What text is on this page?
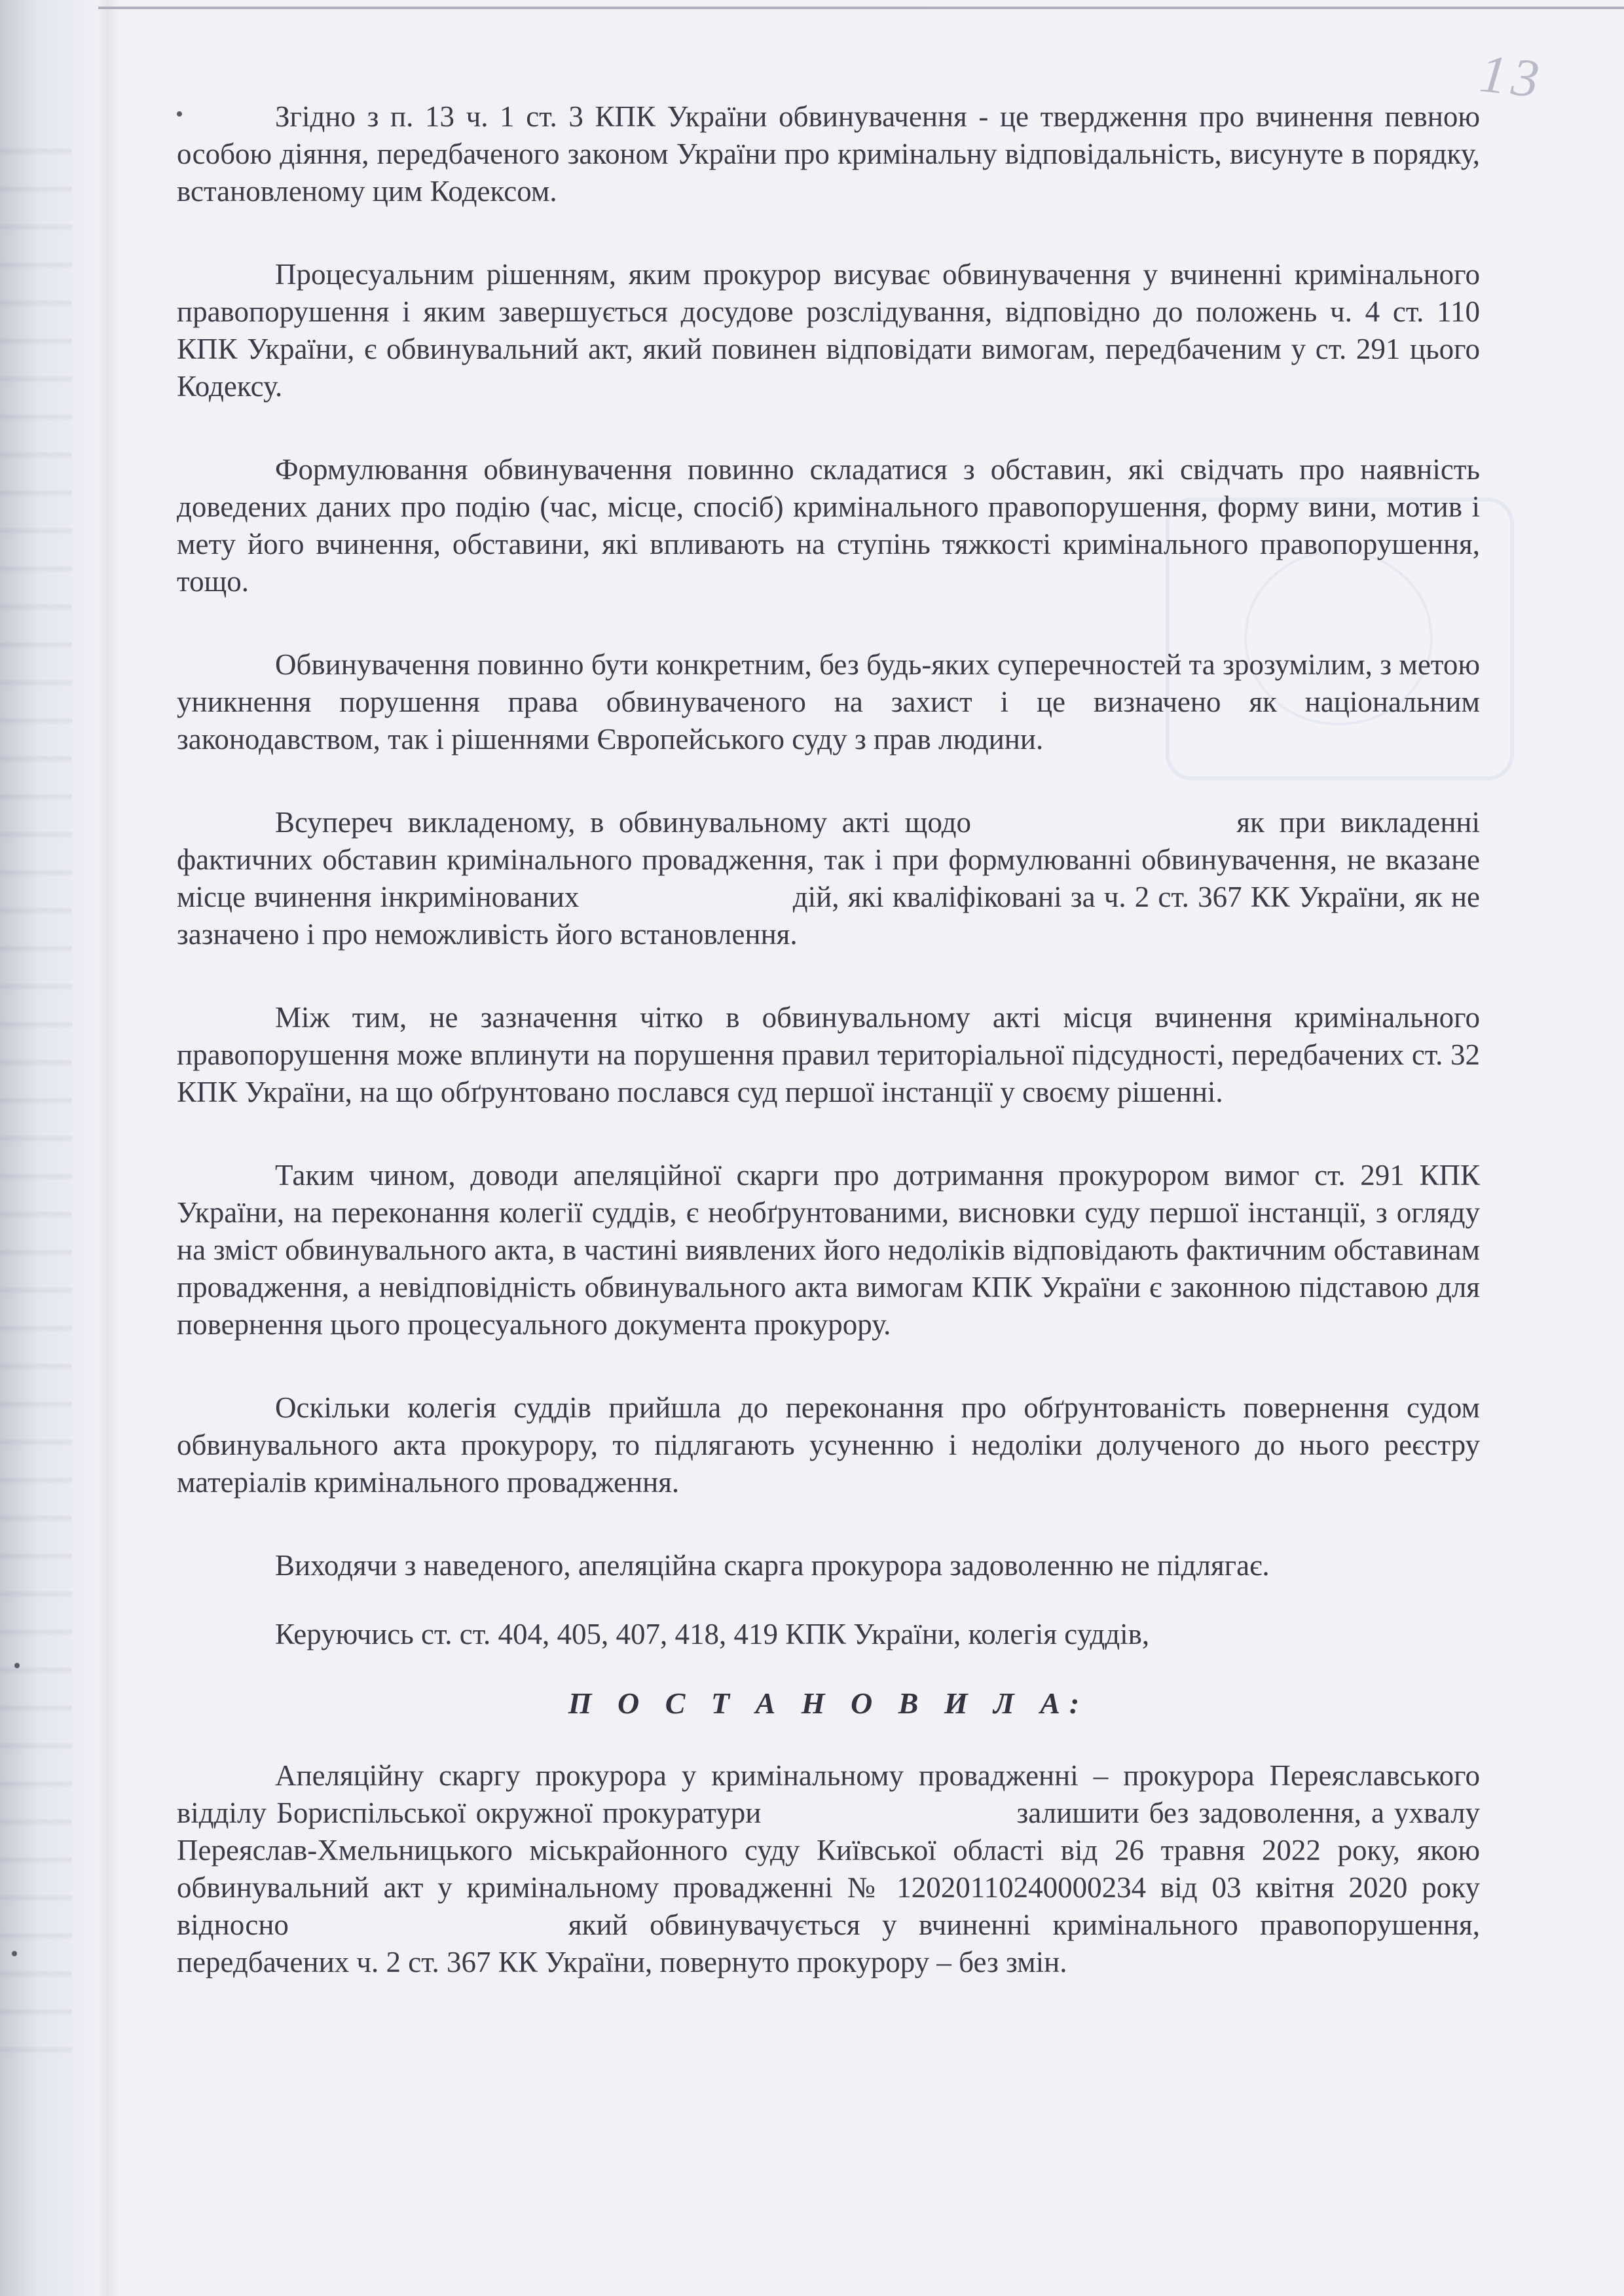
13

Згідно з п. 13 ч. 1 ст. 3 КПК України обвинувачення - це твердження про вчинення певною особою діяння, передбаченого законом України про кримінальну відповідальність, висунуте в порядку, встановленому цим Кодексом.

Процесуальним рішенням, яким прокурор висуває обвинувачення у вчиненні кримінального правопорушення і яким завершується досудове розслідування, відповідно до положень ч. 4 ст. 110 КПК України, є обвинувальний акт, який повинен відповідати вимогам, передбаченим у ст. 291 цього Кодексу.

Формулювання обвинувачення повинно складатися з обставин, які свідчать про наявність доведених даних про подію (час, місце, спосіб) кримінального правопорушення, форму вини, мотив і мету його вчинення, обставини, які впливають на ступінь тяжкості кримінального правопорушення, тощо.

Обвинувачення повинно бути конкретним, без будь-яких суперечностей та зрозумілим, з метою уникнення порушення права обвинуваченого на захист і це визначено як національним законодавством, так і рішеннями Європейського суду з прав людини.

Всупереч викладеному, в обвинувальному акті щодо	як при викладенні фактичних обставин кримінального провадження, так і при формулюванні обвинувачення, не вказане місце вчинення інкримінованих	дій, які кваліфіковані за ч. 2 ст. 367 КК України, як не зазначено і про неможливість його встановлення.

Між тим, не зазначення чітко в обвинувальному акті місця вчинення кримінального правопорушення може вплинути на порушення правил територіальної підсудності, передбачених ст. 32 КПК України, на що обґрунтовано послався суд першої інстанції у своєму рішенні.

Таким чином, доводи апеляційної скарги про дотримання прокурором вимог ст. 291 КПК України, на переконання колегії суддів, є необґрунтованими, висновки суду першої інстанції, з огляду на зміст обвинувального акта, в частині виявлених його недоліків відповідають фактичним обставинам провадження, а невідповідність обвинувального акта вимогам КПК України є законною підставою для повернення цього процесуального документа прокурору.

Оскільки колегія суддів прийшла до переконання про обґрунтованість повернення судом обвинувального акта прокурору, то підлягають усуненню і недоліки долученого до нього реєстру матеріалів кримінального провадження.

Виходячи з наведеного, апеляційна скарга прокурора задоволенню не підлягає.

Керуючись ст. ст. 404, 405, 407, 418, 419 КПК України, колегія суддів,

П О С Т А Н О В И Л А:

Апеляційну скаргу прокурора у кримінальному провадженні – прокурора Переяславського відділу Бориспільської окружної прокуратури	залишити без задоволення, а ухвалу Переяслав-Хмельницького міськрайонного суду Київської області від 26 травня 2022 року, якою обвинувальний акт у кримінальному провадженні № 12020110240000234 від 03 квітня 2020 року відносно	який обвинувачується у вчиненні кримінального правопорушення, передбачених ч. 2 ст. 367 КК України, повернуто прокурору – без змін.
